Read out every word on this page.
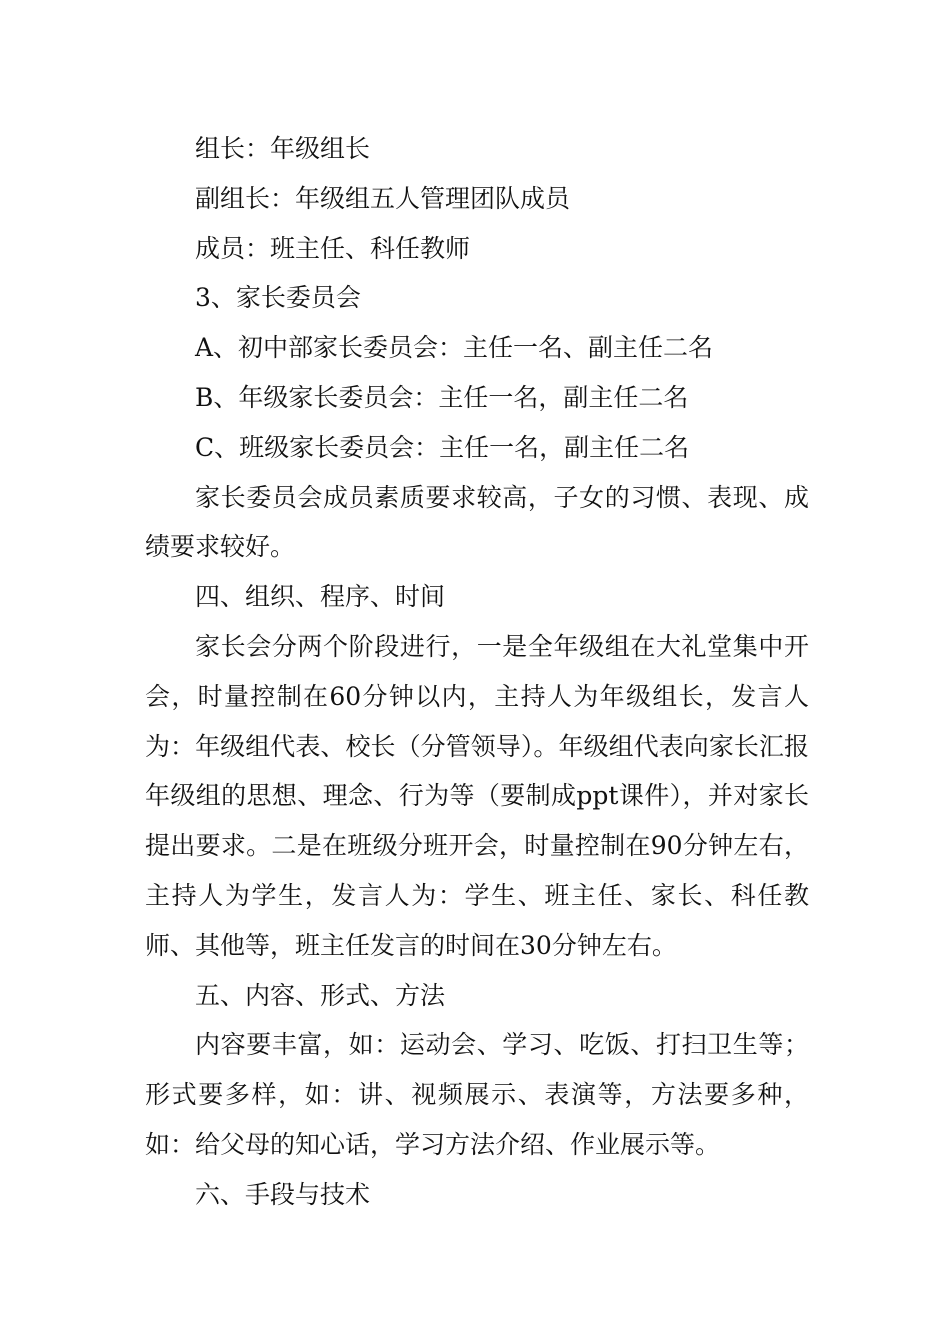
组长：年级组长

副组长：年级组五人管理团队成员

成员：班主任、科任教师

3、家长委员会

A、初中部家长委员会：主任一名、副主任二名

B、年级家长委员会：主任一名，副主任二名

C、班级家长委员会：主任一名，副主任二名

家长委员会成员素质要求较高，子女的习惯、表现、成绩要求较好。

四、组织、程序、时间

家长会分两个阶段进行，一是全年级组在大礼堂集中开会，时量控制在60分钟以内，主持人为年级组长，发言人为：年级组代表、校长（分管领导）。年级组代表向家长汇报年级组的思想、理念、行为等（要制成ppt课件），并对家长提出要求。二是在班级分班开会，时量控制在90分钟左右，主持人为学生，发言人为：学生、班主任、家长、科任教师、其他等，班主任发言的时间在30分钟左右。

五、内容、形式、方法

内容要丰富，如：运动会、学习、吃饭、打扫卫生等；形式要多样，如：讲、视频展示、表演等，方法要多种，如：给父母的知心话，学习方法介绍、作业展示等。

六、手段与技术
